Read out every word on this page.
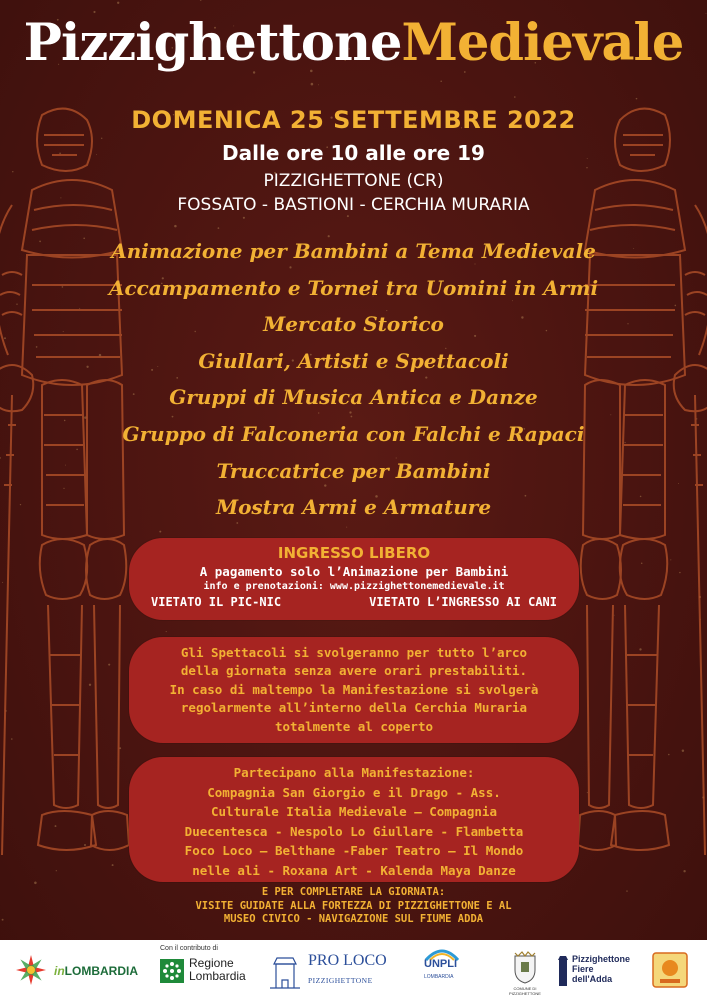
PizzighettoneMedievale
DOMENICA 25 SETTEMBRE 2022
Dalle ore 10 alle ore 19
PIZZIGHETTONE (CR)
FOSSATO - BASTIONI - CERCHIA MURARIA
Animazione per Bambini a Tema Medievale
Accampamento e Tornei tra Uomini in Armi
Mercato Storico
Giullari, Artisti e Spettacoli
Gruppi di Musica Antica e Danze
Gruppo di Falconeria con Falchi e Rapaci
Truccatrice per Bambini
Mostra Armi e Armature
INGRESSO LIBERO
A pagamento solo l’Animazione per Bambini
info e prenotazioni: www.pizzighettonemedievale.it
VIETATO IL PIC-NIC	VIETATO L’INGRESSO AI CANI
Gli Spettacoli si svolgeranno per tutto l’arco
della giornata senza avere orari prestabiliti.
In caso di maltempo la Manifestazione si svolgerà
regolarmente all’interno della Cerchia Muraria
totalmente al coperto
Partecipano alla Manifestazione:
Compagnia San Giorgio e il Drago - Ass.
Culturale Italia Medievale – Compagnia
Duecentesca - Nespolo Lo Giullare - Flambetta
Foco Loco – Belthane -Faber Teatro – Il Mondo
nelle ali - Roxana Art - Kalenda Maya Danze
E PER COMPLETARE LA GIORNATA:
VISITE GUIDATE ALLA FORTEZZA DI PIZZIGHETTONE E AL
MUSEO CIVICO - NAVIGAZIONE SUL FIUME ADDA
inLOMBARDIA
Con il contributo di
Regione
Lombardia
PRO LOCO
PIZZIGHETTONE
UNPLI
LOMBARDIA
COMUNE DI PIZZIGHETTONE
Pizzighettone
Fiere
dell'Adda
